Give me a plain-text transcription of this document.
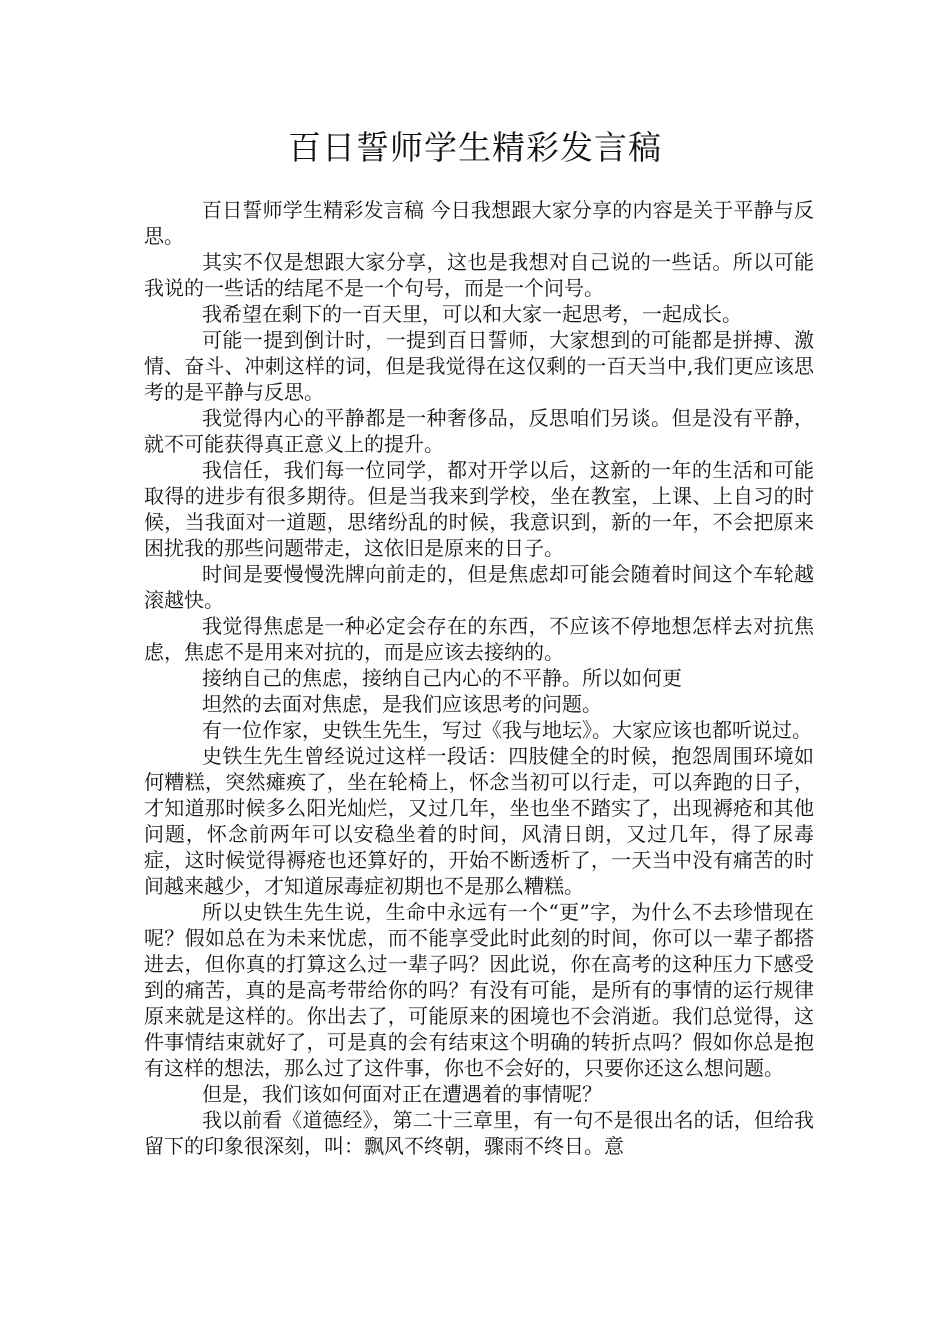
百日誓师学生精彩发言稿

百日誓师学生精彩发言稿 今日我想跟大家分享的内容是关于平静与反思。

其实不仅是想跟大家分享，这也是我想对自己说的一些话。所以可能我说的一些话的结尾不是一个句号，而是一个问号。

我希望在剩下的一百天里，可以和大家一起思考，一起成长。

可能一提到倒计时，一提到百日誓师，大家想到的可能都是拼搏、激情、奋斗、冲刺这样的词，但是我觉得在这仅剩的一百天当中,我们更应该思考的是平静与反思。

我觉得内心的平静都是一种奢侈品，反思咱们另谈。但是没有平静，就不可能获得真正意义上的提升。

我信任，我们每一位同学，都对开学以后，这新的一年的生活和可能取得的进步有很多期待。但是当我来到学校，坐在教室，上课、上自习的时候，当我面对一道题，思绪纷乱的时候，我意识到，新的一年，不会把原来困扰我的那些问题带走，这依旧是原来的日子。

时间是要慢慢洗牌向前走的，但是焦虑却可能会随着时间这个车轮越滚越快。

我觉得焦虑是一种必定会存在的东西，不应该不停地想怎样去对抗焦虑，焦虑不是用来对抗的，而是应该去接纳的。

接纳自己的焦虑，接纳自己内心的不平静。所以如何更

坦然的去面对焦虑，是我们应该思考的问题。

有一位作家，史铁生先生，写过《我与地坛》。大家应该也都听说过。

史铁生先生曾经说过这样一段话：四肢健全的时候，抱怨周围环境如何糟糕，突然瘫痪了，坐在轮椅上，怀念当初可以行走，可以奔跑的日子，才知道那时候多么阳光灿烂，又过几年，坐也坐不踏实了，出现褥疮和其他问题，怀念前两年可以安稳坐着的时间，风清日朗，又过几年，得了尿毒症，这时候觉得褥疮也还算好的，开始不断透析了，一天当中没有痛苦的时间越来越少，才知道尿毒症初期也不是那么糟糕。

所以史铁生先生说，生命中永远有一个“更”字，为什么不去珍惜现在呢？假如总在为未来忧虑，而不能享受此时此刻的时间，你可以一辈子都搭进去，但你真的打算这么过一辈子吗？因此说，你在高考的这种压力下感受到的痛苦，真的是高考带给你的吗？有没有可能，是所有的事情的运行规律原来就是这样的。你出去了，可能原来的困境也不会消逝。我们总觉得，这件事情结束就好了，可是真的会有结束这个明确的转折点吗？假如你总是抱有这样的想法，那么过了这件事，你也不会好的，只要你还这么想问题。

但是，我们该如何面对正在遭遇着的事情呢？

我以前看《道德经》，第二十三章里，有一句不是很出名的话，但给我留下的印象很深刻，叫：飘风不终朝，骤雨不终日。意
